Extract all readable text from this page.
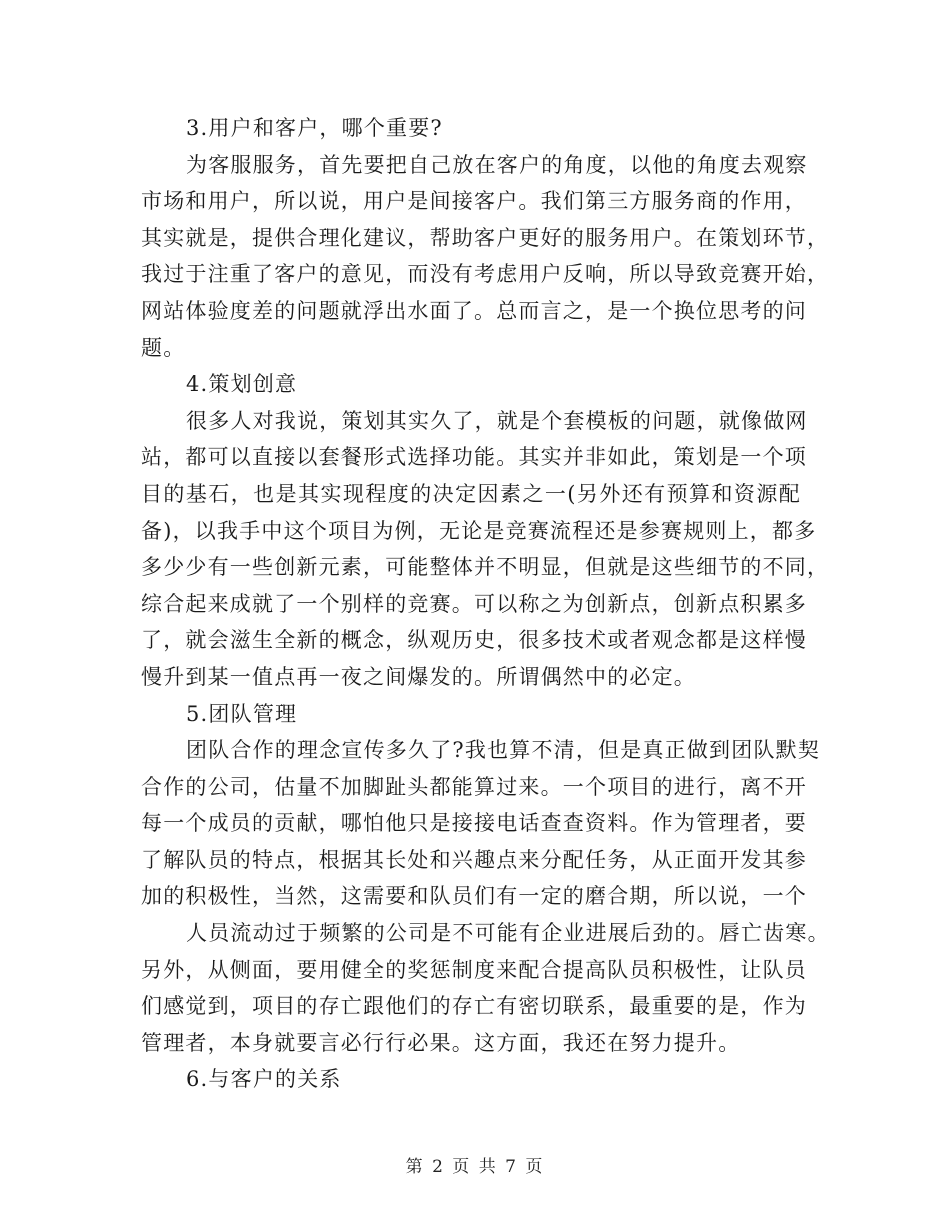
3.用户和客户，哪个重要?
为客服服务，首先要把自己放在客户的角度，以他的角度去观察
市场和用户，所以说，用户是间接客户。我们第三方服务商的作用，
其实就是，提供合理化建议，帮助客户更好的服务用户。在策划环节，
我过于注重了客户的意见，而没有考虑用户反响，所以导致竞赛开始，
网站体验度差的问题就浮出水面了。总而言之，是一个换位思考的问
题。
4.策划创意
很多人对我说，策划其实久了，就是个套模板的问题，就像做网
站，都可以直接以套餐形式选择功能。其实并非如此，策划是一个项
目的基石，也是其实现程度的决定因素之一(另外还有预算和资源配
备)，以我手中这个项目为例，无论是竞赛流程还是参赛规则上，都多
多少少有一些创新元素，可能整体并不明显，但就是这些细节的不同，
综合起来成就了一个别样的竞赛。可以称之为创新点，创新点积累多
了，就会滋生全新的概念，纵观历史，很多技术或者观念都是这样慢
慢升到某一值点再一夜之间爆发的。所谓偶然中的必定。
5.团队管理
团队合作的理念宣传多久了?我也算不清，但是真正做到团队默契
合作的公司，估量不加脚趾头都能算过来。一个项目的进行，离不开
每一个成员的贡献，哪怕他只是接接电话查查资料。作为管理者，要
了解队员的特点，根据其长处和兴趣点来分配任务，从正面开发其参
加的积极性，当然，这需要和队员们有一定的磨合期，所以说，一个
人员流动过于频繁的公司是不可能有企业进展后劲的。唇亡齿寒。
另外，从侧面，要用健全的奖惩制度来配合提高队员积极性，让队员
们感觉到，项目的存亡跟他们的存亡有密切联系，最重要的是，作为
管理者，本身就要言必行行必果。这方面，我还在努力提升。
6.与客户的关系
第 2 页 共 7 页
